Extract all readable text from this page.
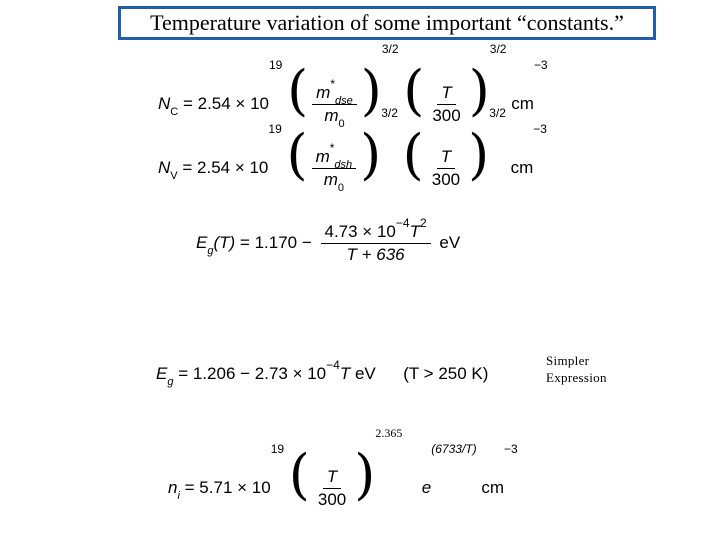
Temperature variation of some important “constants.”
$N_C = 2.54 \times 10^{19}$ ( $\frac{m^*_{dse}}{m_0} )^{3/2}$ ( $\frac{T}{300} )^{3/2}$ $cm^{-3}$
$N_V = 2.54 \times 10^{19}$ ( $\frac{m^*_{dsh}}{m_0} )^{3/2}$ ( $\frac{T}{300} )^{3/2}$ $cm^{-3}$
$E_g(T) = 1.170 - \frac{4.73 \times 10^{-4}T^2}{T + 636}$ eV
$E_g = 1.206 - 2.73 \times 10^{-4}T$ eV (T > 250 K)
Simpler
Expression
$n_i = 5.71 \times 10^{19}$ ( $\frac{T}{300} )^{2.365}$  $e^{(6733/T)}$ $cm^{-3}$
